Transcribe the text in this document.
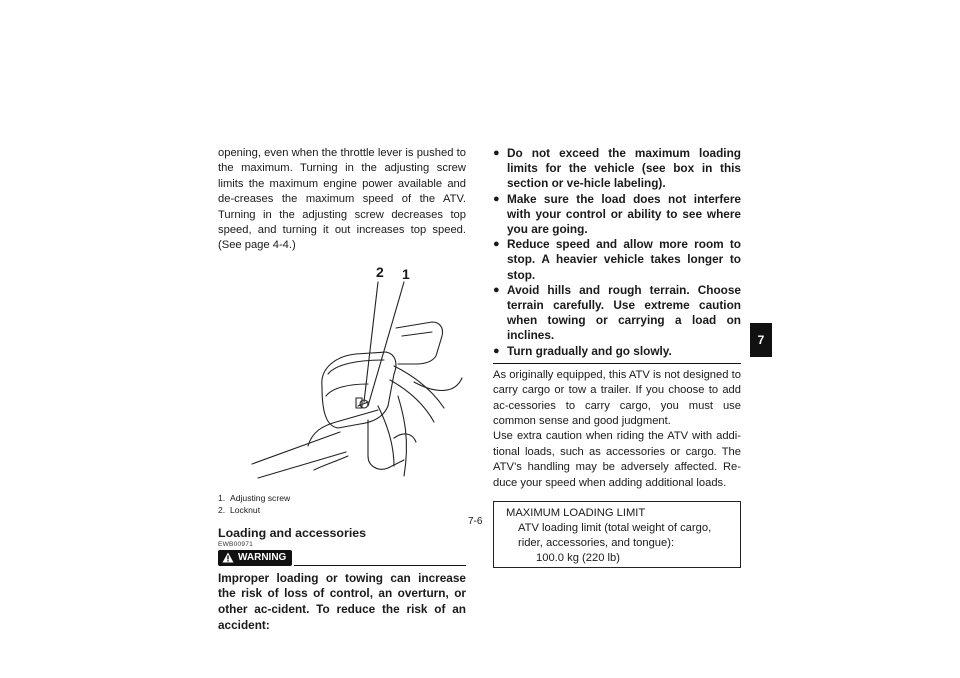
opening, even when the throttle lever is pushed to the maximum. Turning in the adjusting screw limits the maximum engine power available and de-creases the maximum speed of the ATV. Turning in the adjusting screw decreases top speed, and turning it out increases top speed. (See page 4-4.)

2 1
1. Adjusting screw
2. Locknut
Loading and accessories
EWB00971
WARNING
Improper loading or towing can increase the risk of loss of control, an overturn, or other ac-cident. To reduce the risk of an accident:
● Do not exceed the maximum loading limits for the vehicle (see box in this section or ve-hicle labeling).
● Make sure the load does not interfere with your control or ability to see where you are going.
● Reduce speed and allow more room to stop. A heavier vehicle takes longer to stop.
● Avoid hills and rough terrain. Choose terrain carefully. Use extreme caution when towing or carrying a load on inclines.
● Turn gradually and go slowly.

As originally equipped, this ATV is not designed to carry cargo or tow a trailer. If you choose to add ac-cessories to carry cargo, you must use common sense and good judgment.

Use extra caution when riding the ATV with addi-tional loads, such as accessories or cargo. The ATV’s handling may be adversely affected. Re-duce your speed when adding additional loads.

MAXIMUM LOADING LIMIT
ATV loading limit (total weight of cargo, rider, accessories, and tongue):
100.0 kg (220 lb)
7
7-6
